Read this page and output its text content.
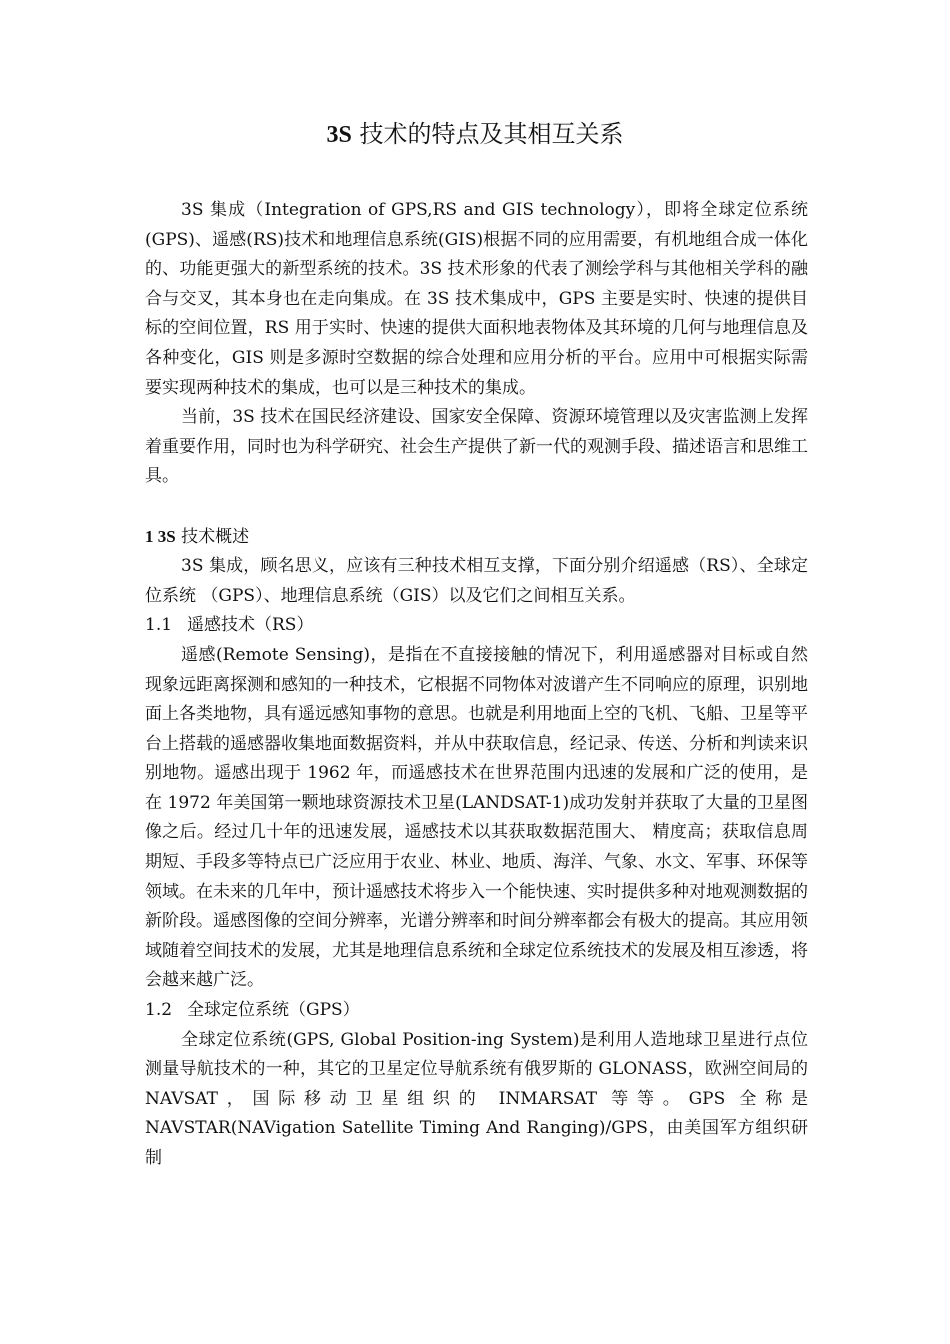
3S 技术的特点及其相互关系

3S 集成（Integration of GPS,RS and GIS technology），即将全球定位系统(GPS)、遥感(RS)技术和地理信息系统(GIS)根据不同的应用需要，有机地组合成一体化的、功能更强大的新型系统的技术。3S 技术形象的代表了测绘学科与其他相关学科的融合与交叉，其本身也在走向集成。在 3S 技术集成中，GPS 主要是实时、快速的提供目标的空间位置，RS 用于实时、快速的提供大面积地表物体及其环境的几何与地理信息及各种变化，GIS 则是多源时空数据的综合处理和应用分析的平台。应用中可根据实际需要实现两种技术的集成，也可以是三种技术的集成。

当前，3S 技术在国民经济建设、国家安全保障、资源环境管理以及灾害监测上发挥着重要作用，同时也为科学研究、社会生产提供了新一代的观测手段、描述语言和思维工具。

1 3S 技术概述

3S 集成，顾名思义，应该有三种技术相互支撑，下面分别介绍遥感（RS）、全球定位系统 （GPS）、地理信息系统（GIS）以及它们之间相互关系。

1.1 遥感技术（RS）

遥感(Remote Sensing)，是指在不直接接触的情况下，利用遥感器对目标或自然现象远距离探测和感知的一种技术，它根据不同物体对波谱产生不同响应的原理，识别地面上各类地物，具有遥远感知事物的意思。也就是利用地面上空的飞机、飞船、卫星等平台上搭载的遥感器收集地面数据资料，并从中获取信息，经记录、传送、分析和判读来识别地物。遥感出现于 1962 年，而遥感技术在世界范围内迅速的发展和广泛的使用，是在 1972 年美国第一颗地球资源技术卫星(LANDSAT-1)成功发射并获取了大量的卫星图像之后。经过几十年的迅速发展，遥感技术以其获取数据范围大、 精度高；获取信息周期短、手段多等特点已广泛应用于农业、林业、地质、海洋、气象、水文、军事、环保等领域。在未来的几年中，预计遥感技术将步入一个能快速、实时提供多种对地观测数据的新阶段。遥感图像的空间分辨率，光谱分辨率和时间分辨率都会有极大的提高。其应用领域随着空间技术的发展，尤其是地理信息系统和全球定位系统技术的发展及相互渗透，将会越来越广泛。

1.2 全球定位系统（GPS）

全球定位系统(GPS, Global Position-ing System)是利用人造地球卫星进行点位测量导航技术的一种，其它的卫星定位导航系统有俄罗斯的 GLONASS，欧洲空间局的 NAVSAT，国际移动卫星组织的 INMARSAT 等等。GPS 全称是 NAVSTAR(NAVigation Satellite Timing And Ranging)/GPS，由美国军方组织研制
